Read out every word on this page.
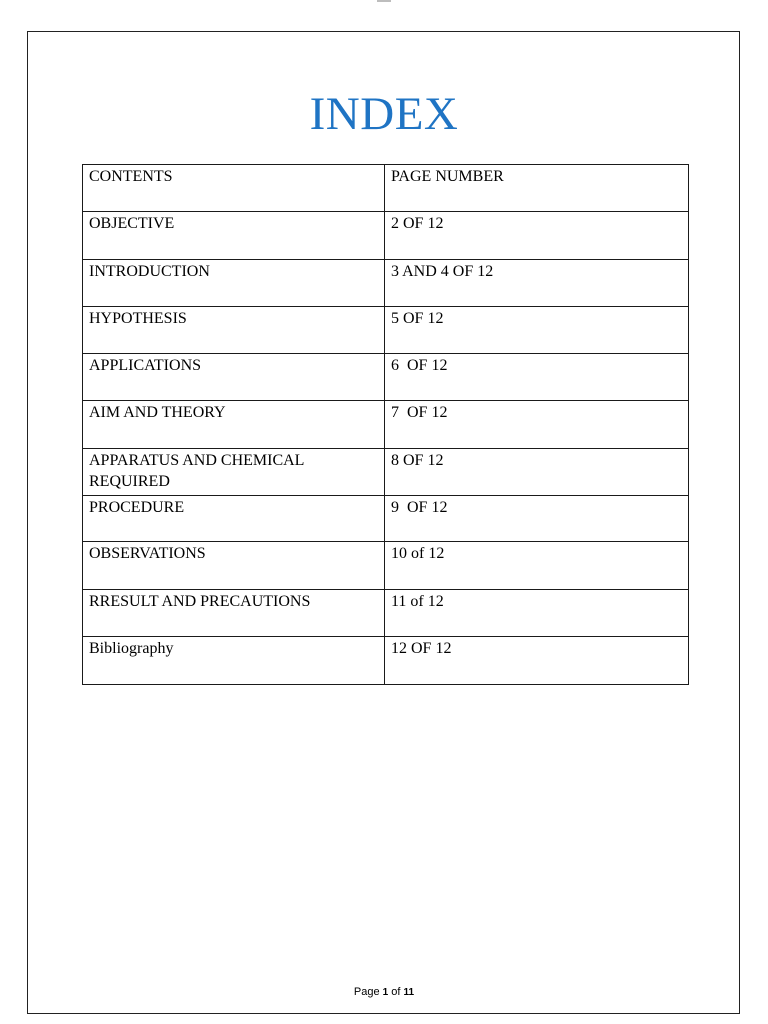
INDEX
CONTENTS	PAGE NUMBER
OBJECTIVE	2 OF 12
INTRODUCTION	3 AND 4 OF 12
HYPOTHESIS	5 OF 12
APPLICATIONS	6  OF 12
AIM AND THEORY	7  OF 12
APPARATUS AND CHEMICAL REQUIRED	8 OF 12
PROCEDURE	9  OF 12
OBSERVATIONS	10 of 12
RRESULT AND PRECAUTIONS	11 of 12
Bibliography	12 OF 12
Page 1 of 11
